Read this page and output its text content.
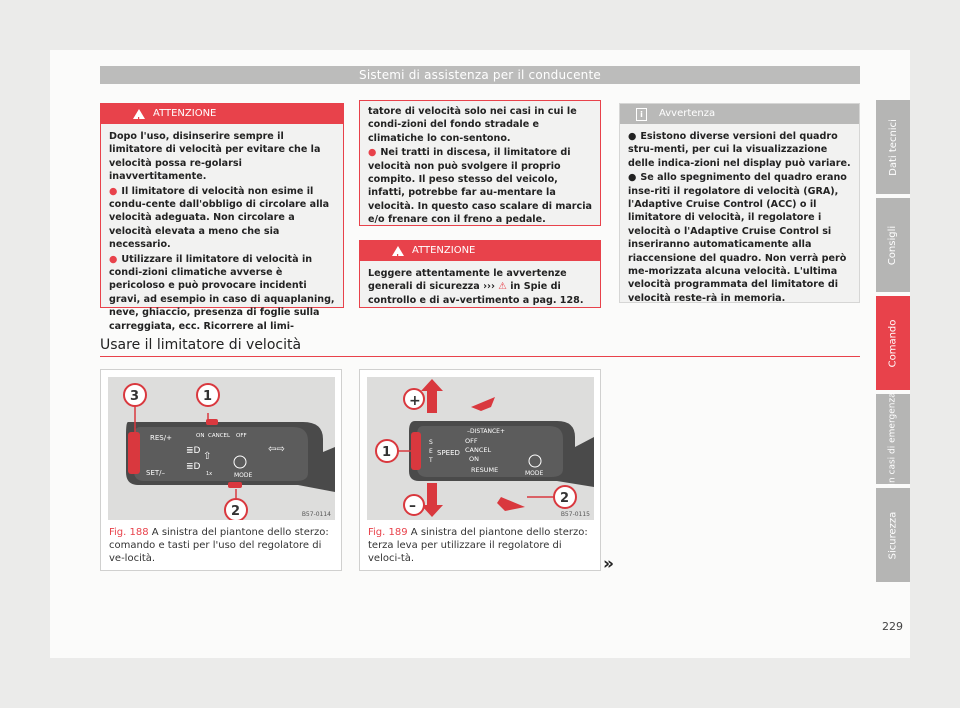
Sistemi di assistenza per il conducente
!
ATTENZIONE

Dopo l'uso, disinserire sempre il limitatore di velocità per evitare che la velocità possa re-golarsi inavvertitamente.

● Il limitatore di velocità non esime il condu-cente dall'obbligo di circolare alla velocità adeguata. Non circolare a velocità elevata a meno che sia necessario.

● Utilizzare il limitatore di velocità in condi-zioni climatiche avverse è pericoloso e può provocare incidenti gravi, ad esempio in caso di aquaplaning, neve, ghiaccio, presenza di foglie sulla carreggiata, ecc. Ricorrere al limi-

tatore di velocità solo nei casi in cui le condi-zioni del fondo stradale e climatiche lo con-sentono.

● Nei tratti in discesa, il limitatore di velocità non può svolgere il proprio compito. Il peso stesso del veicolo, infatti, potrebbe far au-mentare la velocità. In questo caso scalare di marcia e/o frenare con il freno a pedale.

!
ATTENZIONE

Leggere attentamente le avvertenze generali di sicurezza ››› ⚠ in Spie di controllo e di av-vertimento a pag. 128.

i	Avvertenza

● Esistono diverse versioni del quadro stru-menti, per cui la visualizzazione delle indica-zioni nel display può variare.

● Se allo spegnimento del quadro erano inse-riti il regolatore di velocità (GRA), l'Adaptive Cruise Control (ACC) o il limitatore di velocità, il regolatore i velocità o l'Adaptive Cruise Control si inseriranno automaticamente alla riaccensione del quadro. Non verrà però me-morizzata alcuna velocità. L'ultima velocità programmata del limitatore di velocità reste-rà in memoria.

Usare il limitatore di velocità
RES/+
SET/–
ON CANCEL OFF
MODE
1x
≣D
≣D
⇧
⇦⇨
3	1
2	B57-0114
Fig. 188 A sinistra del piantone dello sterzo: comando e tasti per l'uso del regolatore di ve-locità.
–DISTANCE+
S
E
T
SPEED
OFF
CANCEL
ON
RESUME	MODE
+
–
1
2
B57-0115
Fig. 189 A sinistra del piantone dello sterzo: terza leva per utilizzare il regolatore di veloci-tà.	»
Dati tecnici
Consigli
Comando
In casi di emergenza
Sicurezza
229
